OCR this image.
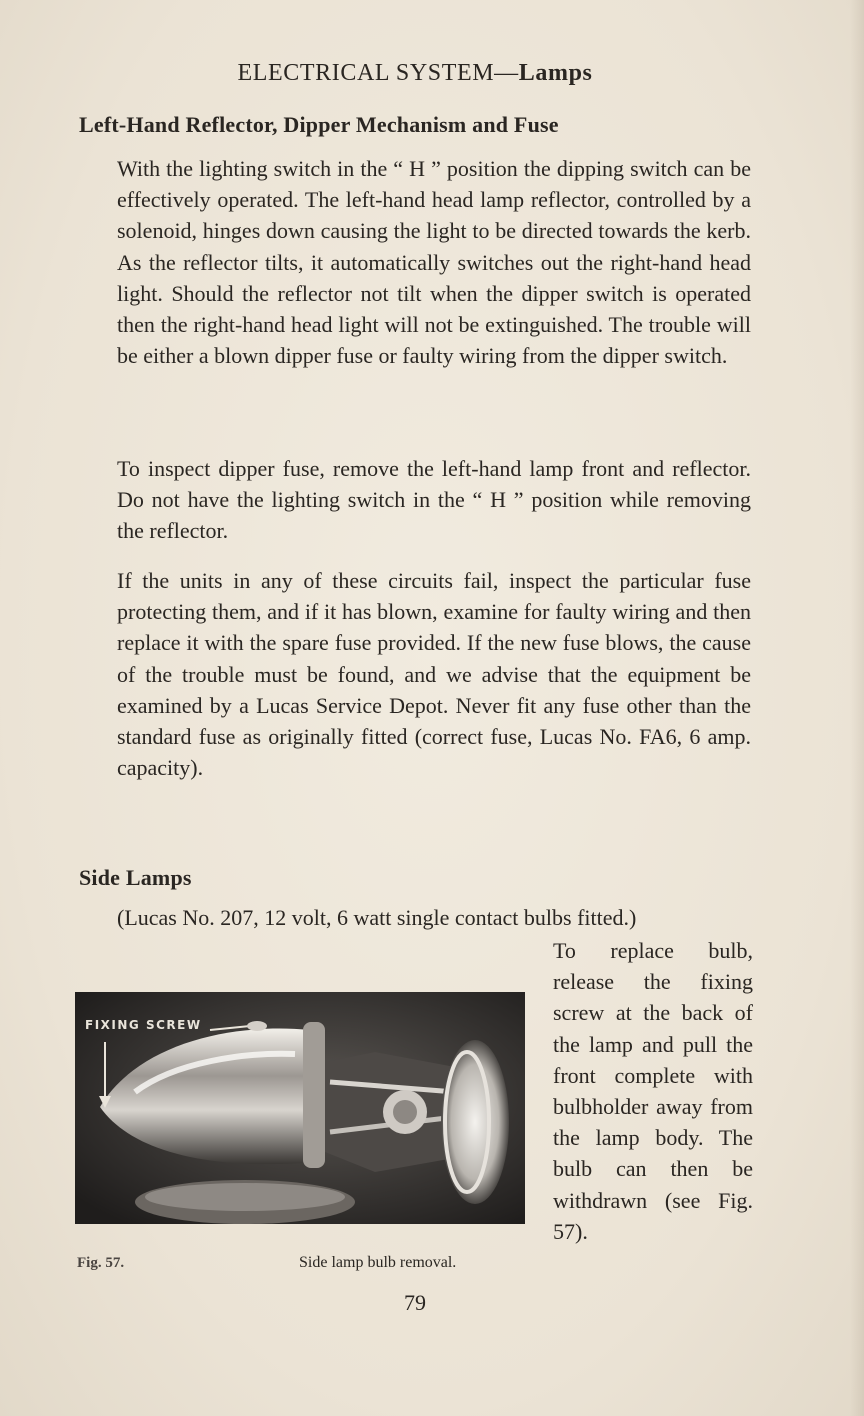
ELECTRICAL SYSTEM—Lamps
Left-Hand Reflector, Dipper Mechanism and Fuse

With the lighting switch in the “ H ” position the dipping switch can be effectively operated. The left-hand head lamp reflector, controlled by a solenoid, hinges down causing the light to be directed towards the kerb. As the reflector tilts, it automatically switches out the right-hand head light. Should the reflector not tilt when the dipper switch is operated then the right-hand head light will not be extinguished. The trouble will be either a blown dipper fuse or faulty wiring from the dipper switch.

To inspect dipper fuse, remove the left-hand lamp front and reflector. Do not have the lighting switch in the “ H ” position while removing the reflector.

If the units in any of these circuits fail, inspect the particular fuse protecting them, and if it has blown, examine for faulty wiring and then replace it with the spare fuse provided. If the new fuse blows, the cause of the trouble must be found, and we advise that the equipment be examined by a Lucas Service Depot. Never fit any fuse other than the standard fuse as originally fitted (correct fuse, Lucas No. FA6, 6 amp. capacity).

Side Lamps
(Lucas No. 207, 12 volt, 6 watt single contact bulbs fitted.)

To replace bulb, release the fixing screw at the back of the lamp and pull the front complete with bulbholder away from the lamp body. The bulb can then be withdrawn (see Fig. 57).

FIXING SCREW
Fig. 57.	Side lamp bulb removal.
79
